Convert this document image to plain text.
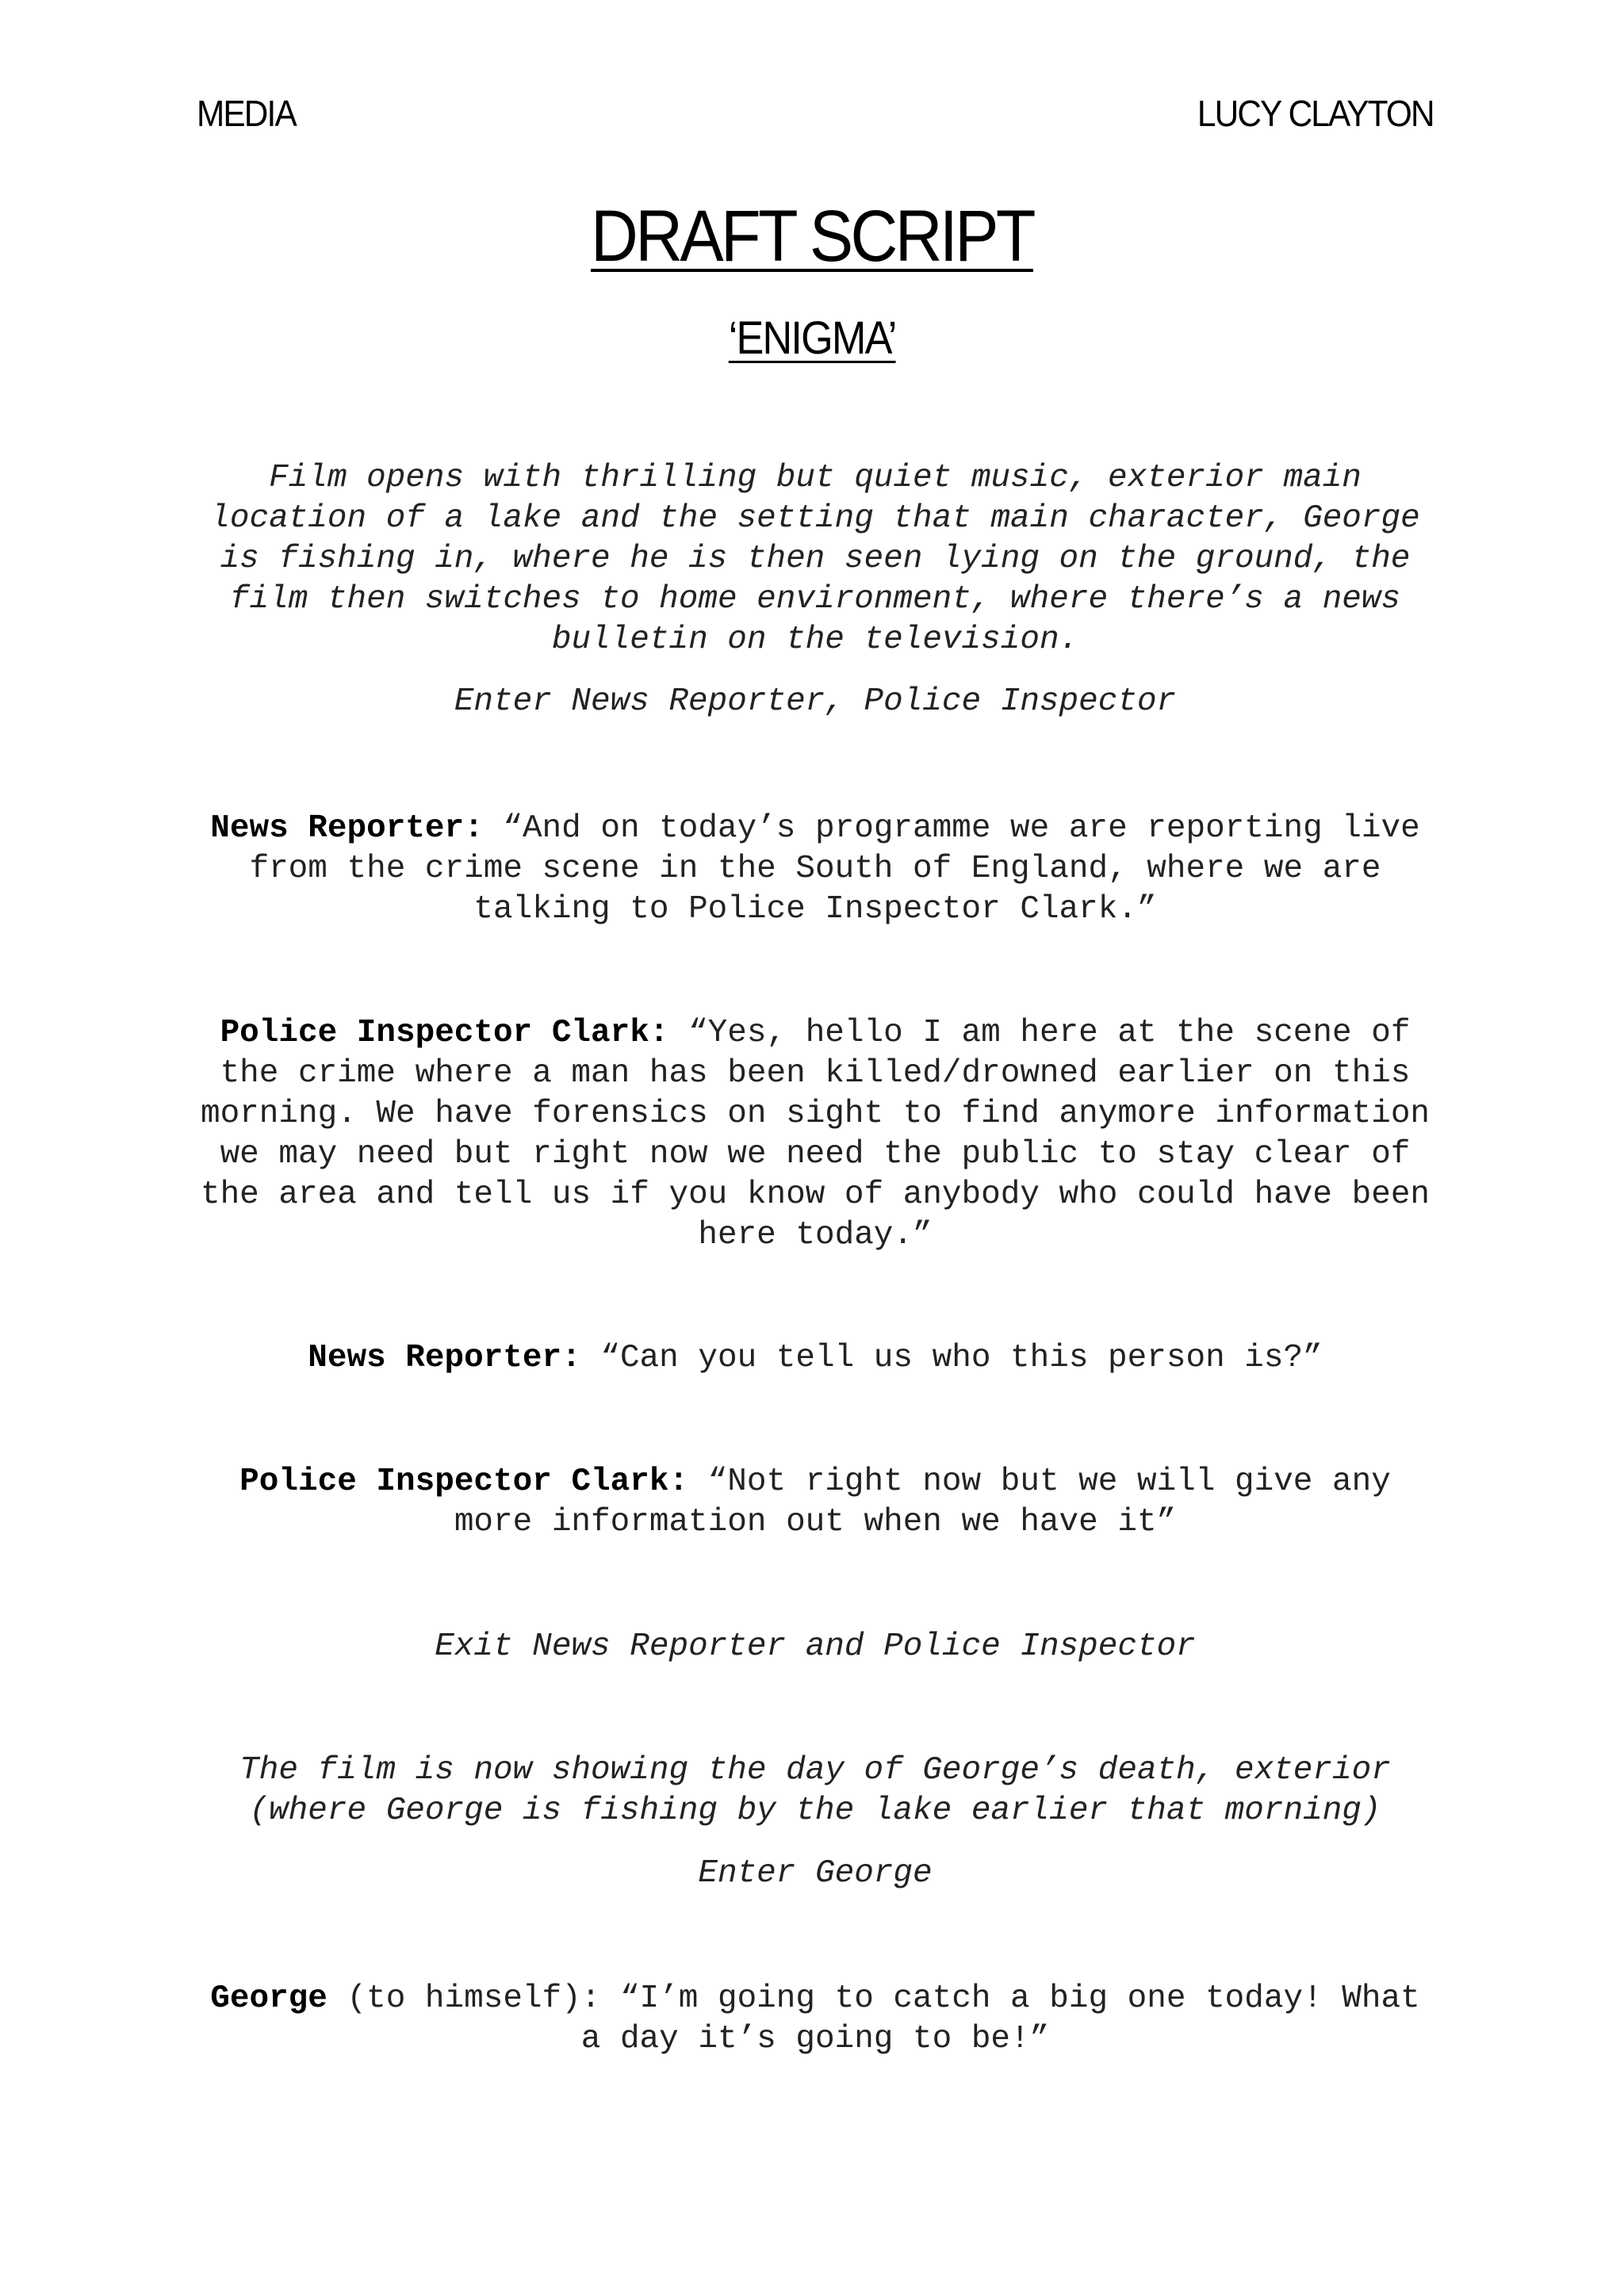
MEDIA	LUCY CLAYTON
DRAFT SCRIPT
‘ENIGMA’

Film opens with thrilling but quiet music, exterior main location of a lake and the setting that main character, George is fishing in, where he is then seen lying on the ground, the film then switches to home environment, where there’s a news bulletin on the television.

Enter News Reporter, Police Inspector

News Reporter: “And on today’s programme we are reporting live from the crime scene in the South of England, where we are talking to Police Inspector Clark.”

Police Inspector Clark: “Yes, hello I am here at the scene of the crime where a man has been killed/drowned earlier on this morning. We have forensics on sight to find anymore information we may need but right now we need the public to stay clear of the area and tell us if you know of anybody who could have been here today.”

News Reporter: “Can you tell us who this person is?”

Police Inspector Clark: “Not right now but we will give any more information out when we have it”

Exit News Reporter and Police Inspector

The film is now showing the day of George’s death, exterior (where George is fishing by the lake earlier that morning)

Enter George

George (to himself): “I’m going to catch a big one today! What a day it’s going to be!”
